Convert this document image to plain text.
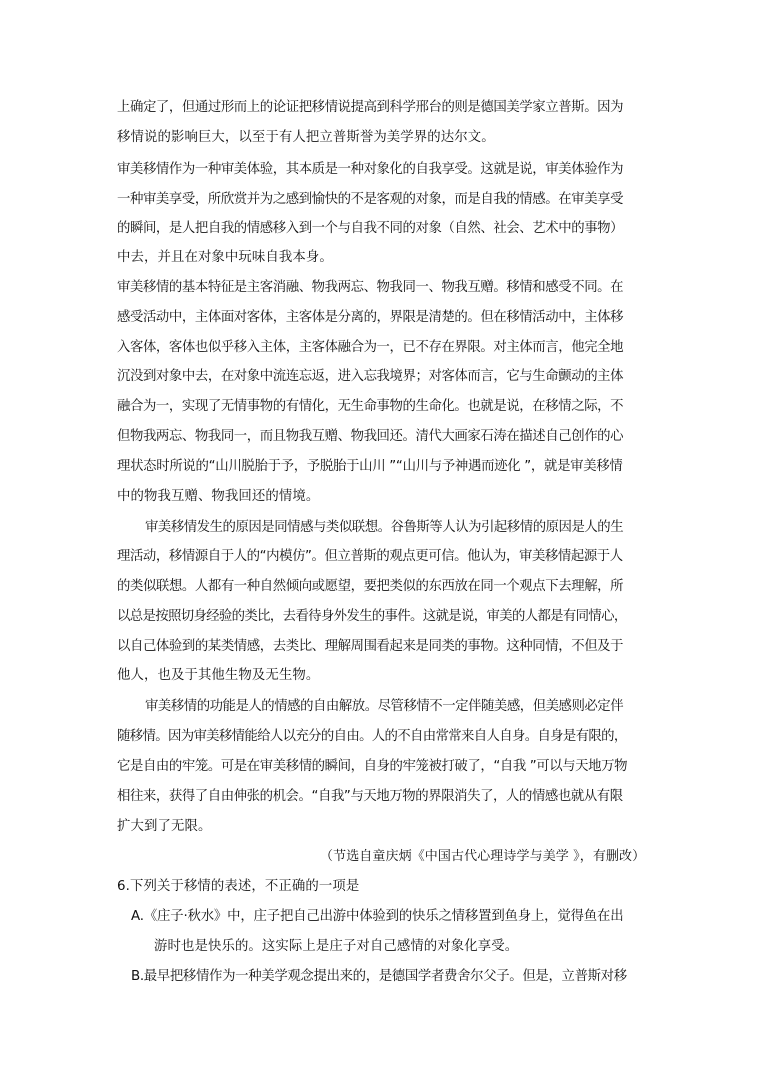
上确定了，但通过形而上的论证把移情说提高到科学邢台的则是德国美学家立普斯。因为
移情说的影响巨大，以至于有人把立普斯誉为美学界的达尔文。
审美移情作为一种审美体验，其本质是一种对象化的自我享受。这就是说，审美体验作为
一种审美享受，所欣赏并为之感到愉快的不是客观的对象，而是自我的情感。在审美享受
的瞬间，是人把自我的情感移入到一个与自我不同的对象（自然、社会、艺术中的事物）
中去，并且在对象中玩味自我本身。
审美移情的基本特征是主客消融、物我两忘、物我同一、物我互赠。移情和感受不同。在
感受活动中，主体面对客体，主客体是分离的，界限是清楚的。但在移情活动中，主体移
入客体，客体也似乎移入主体，主客体融合为一，已不存在界限。对主体而言，他完全地
沉没到对象中去，在对象中流连忘返，进入忘我境界；对客体而言，它与生命颤动的主体
融合为一，实现了无情事物的有情化，无生命事物的生命化。也就是说，在移情之际，不
但物我两忘、物我同一，而且物我互赠、物我回还。清代大画家石涛在描述自己创作的心
理状态时所说的“山川脱胎于予，予脱胎于山川 ”“山川与予神遇而迹化 ”，就是审美移情
中的物我互赠、物我回还的情境。
审美移情发生的原因是同情感与类似联想。谷鲁斯等人认为引起移情的原因是人的生
理活动，移情源自于人的“内模仿”。但立普斯的观点更可信。他认为，审美移情起源于人
的类似联想。人都有一种自然倾向或愿望，要把类似的东西放在同一个观点下去理解，所
以总是按照切身经验的类比，去看待身外发生的事件。这就是说，审美的人都是有同情心，
以自己体验到的某类情感，去类比、理解周围看起来是同类的事物。这种同情，不但及于
他人，也及于其他生物及无生物。
审美移情的功能是人的情感的自由解放。尽管移情不一定伴随美感，但美感则必定伴
随移情。因为审美移情能给人以充分的自由。人的不自由常常来自人自身。自身是有限的，
它是自由的牢笼。可是在审美移情的瞬间，自身的牢笼被打破了，“自我 ”可以与天地万物
相往来，获得了自由伸张的机会。“自我”与天地万物的界限消失了，人的情感也就从有限
扩大到了无限。
（节选自童庆炳《中国古代心理诗学与美学 》，有删改）
6.下列关于移情的表述，不正确的一项是
A.《庄子·秋水》中，庄子把自己出游中体验到的快乐之情移置到鱼身上，觉得鱼在出
游时也是快乐的。这实际上是庄子对自己感情的对象化享受。
B.最早把移情作为一种美学观念提出来的，是德国学者费舍尔父子。但是，立普斯对移
